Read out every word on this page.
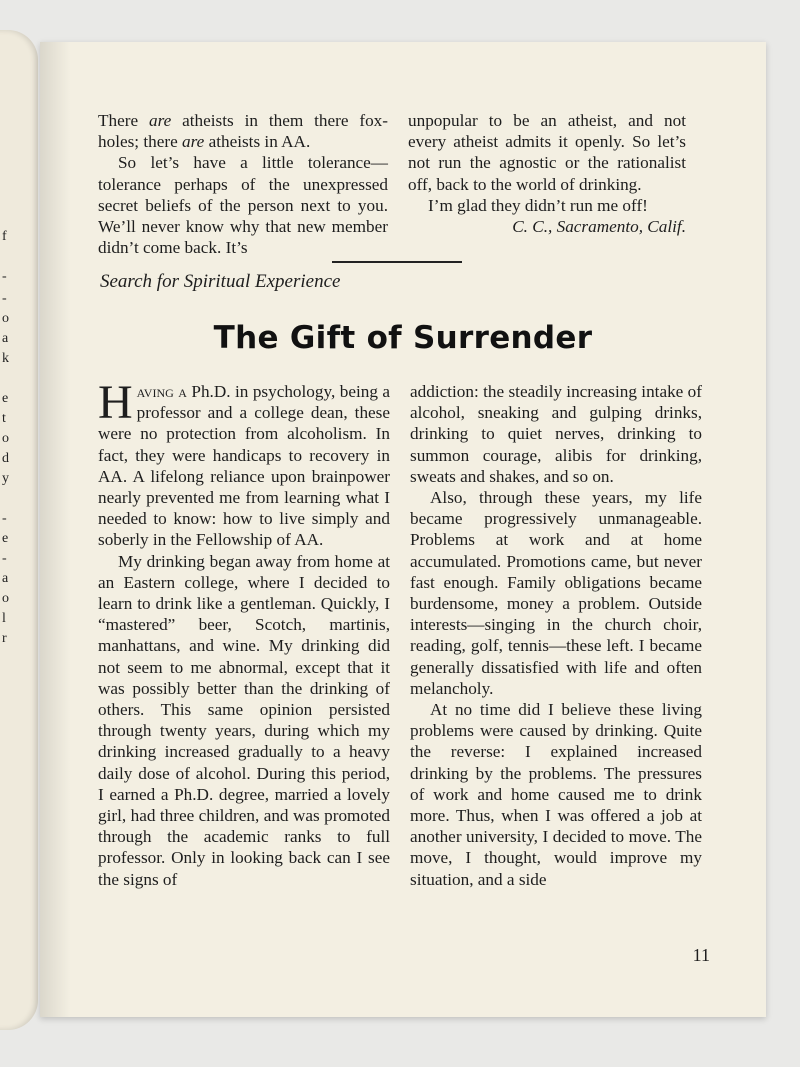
f
-
-
o
a
k
e
t
o
d
y
-
e
-
a
o
l
r

There are atheists in them there fox-holes; there are atheists in AA.

So let’s have a little tolerance—tolerance perhaps of the unexpressed secret beliefs of the person next to you. We’ll never know why that new member didn’t come back. It’s

unpopular to be an atheist, and not every atheist admits it openly. So let’s not run the agnostic or the rationalist off, back to the world of drinking.

I’m glad they didn’t run me off!

C. C., Sacramento, Calif.

Search for Spiritual Experience
The Gift of Surrender

Having a Ph.D. in psychology, being a professor and a college dean, these were no protection from alcoholism. In fact, they were handicaps to recovery in AA. A lifelong reliance upon brainpower nearly prevented me from learning what I needed to know: how to live simply and soberly in the Fellowship of AA.

My drinking began away from home at an Eastern college, where I decided to learn to drink like a gentleman. Quickly, I “mastered” beer, Scotch, martinis, manhattans, and wine. My drinking did not seem to me abnormal, except that it was possibly better than the drinking of others. This same opinion persisted through twenty years, during which my drinking increased gradually to a heavy daily dose of alcohol. During this period, I earned a Ph.D. degree, married a lovely girl, had three children, and was promoted through the academic ranks to full professor. Only in looking back can I see the signs of

addiction: the steadily increasing intake of alcohol, sneaking and gulping drinks, drinking to quiet nerves, drinking to summon courage, alibis for drinking, sweats and shakes, and so on.

Also, through these years, my life became progressively unmanageable. Problems at work and at home accumulated. Promotions came, but never fast enough. Family obligations became burdensome, money a problem. Outside interests—singing in the church choir, reading, golf, tennis—these left. I became generally dissatisfied with life and often melancholy.

At no time did I believe these living problems were caused by drinking. Quite the reverse: I explained increased drinking by the problems. The pressures of work and home caused me to drink more. Thus, when I was offered a job at another university, I decided to move. The move, I thought, would improve my situation, and a side

11
